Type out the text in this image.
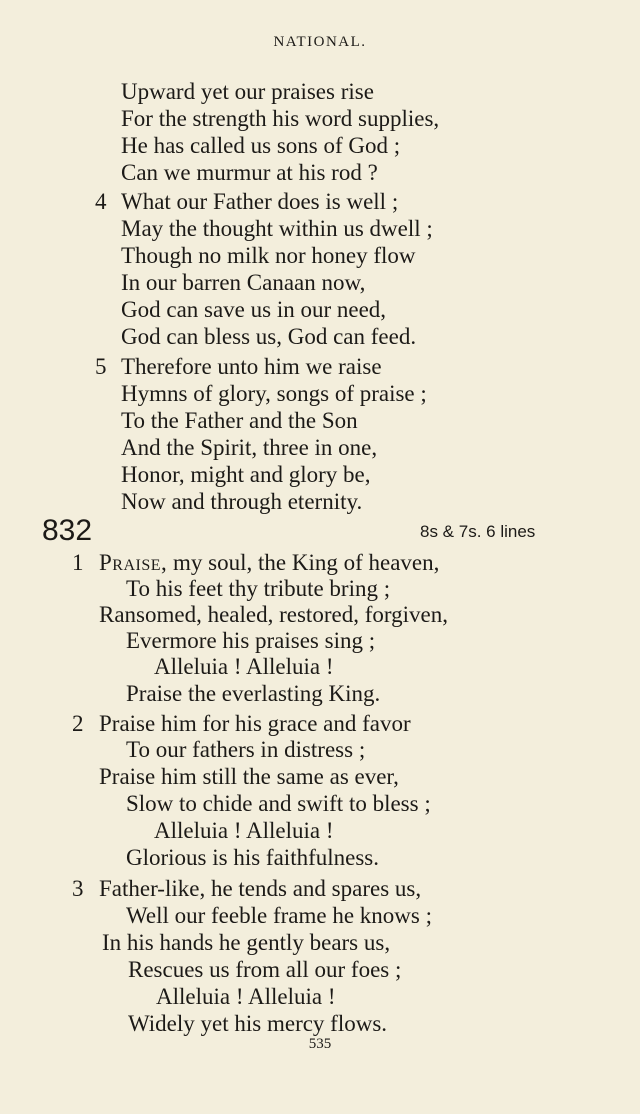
NATIONAL.
Upward yet our praises rise
For the strength his word supplies,
He has called us sons of God ;
Can we murmur at his rod ?
4 What our Father does is well ;
May the thought within us dwell ;
Though no milk nor honey flow
In our barren Canaan now,
God can save us in our need,
God can bless us, God can feed.
5 Therefore unto him we raise
Hymns of glory, songs of praise ;
To the Father and the Son
And the Spirit, three in one,
Honor, might and glory be,
Now and through eternity.
832	8s & 7s. 6 lines
1 Praise, my soul, the King of heaven,
To his feet thy tribute bring ;
Ransomed, healed, restored, forgiven,
Evermore his praises sing ;
Alleluia ! Alleluia !
Praise the everlasting King.
2 Praise him for his grace and favor
To our fathers in distress ;
Praise him still the same as ever,
Slow to chide and swift to bless ;
Alleluia ! Alleluia !
Glorious is his faithfulness.
3 Father-like, he tends and spares us,
Well our feeble frame he knows ;
In his hands he gently bears us,
Rescues us from all our foes ;
Alleluia ! Alleluia !
Widely yet his mercy flows.
535
